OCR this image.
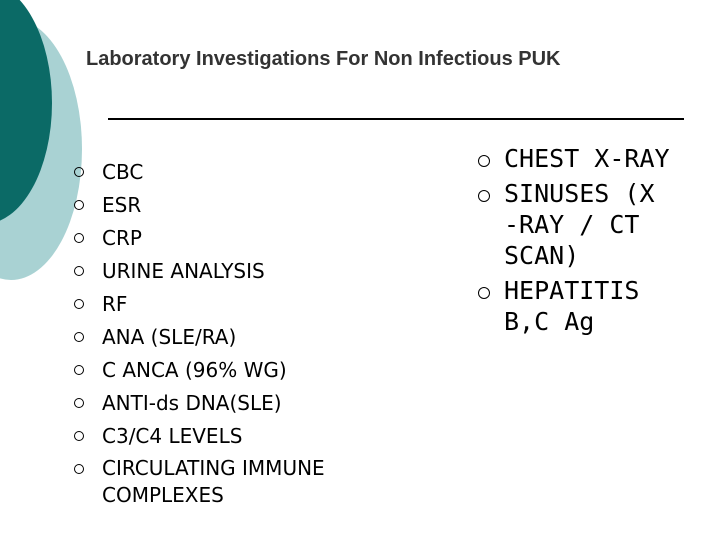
Laboratory Investigations For Non Infectious PUK
CBC
ESR
CRP
URINE ANALYSIS
RF
ANA (SLE/RA)
C ANCA (96% WG)
ANTI-ds DNA(SLE)
C3/C4 LEVELS
CIRCULATING IMMUNE COMPLEXES
CHEST X-RAY
SINUSES (X -RAY / CT SCAN)
HEPATITIS B,C Ag
